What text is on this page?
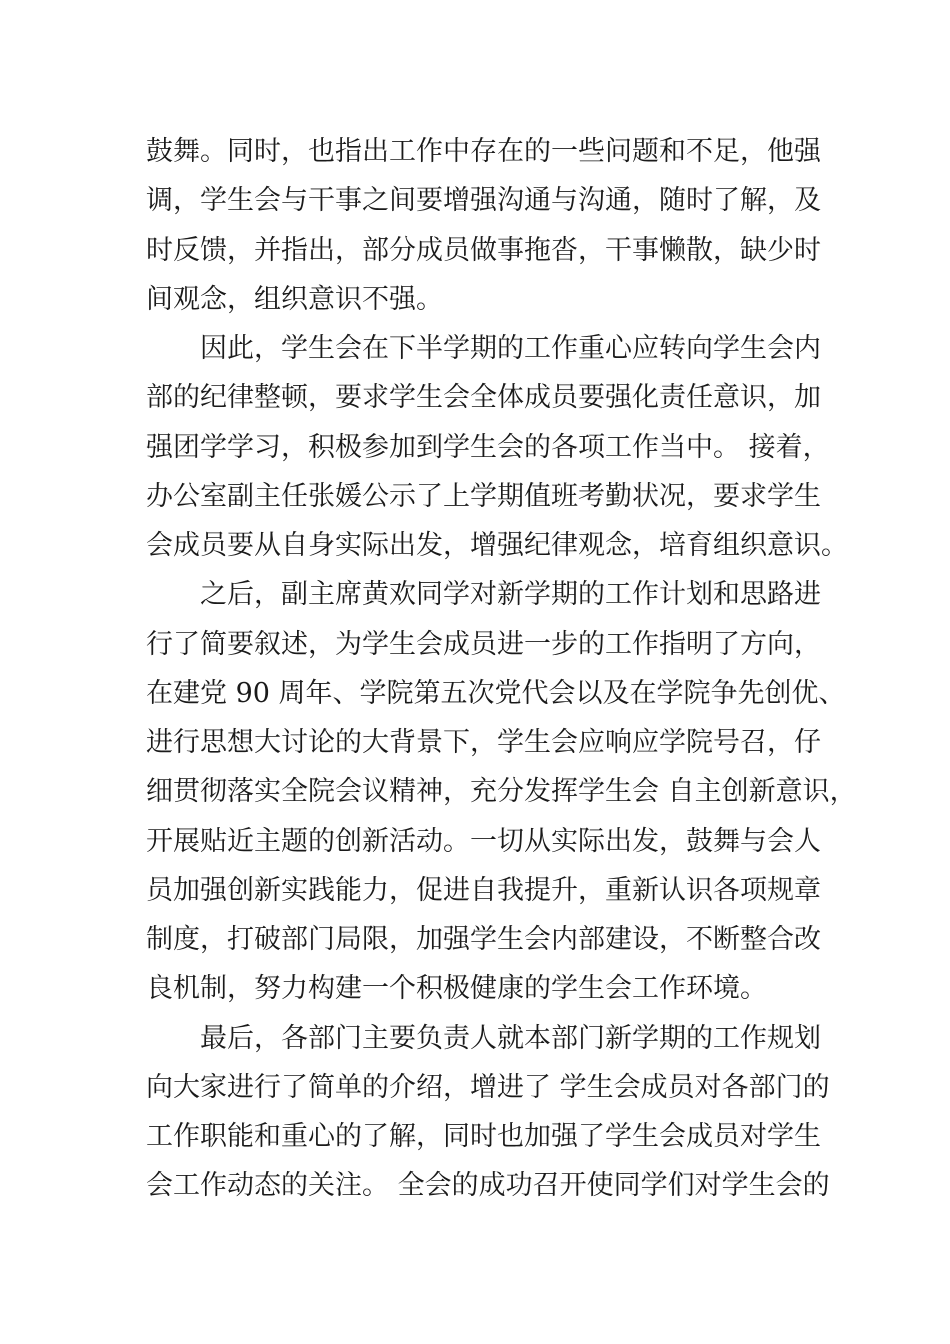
鼓舞。同时，也指出工作中存在的一些问题和不足，他强
调，学生会与干事之间要增强沟通与沟通，随时了解，及
时反馈，并指出，部分成员做事拖沓，干事懒散，缺少时
间观念，组织意识不强。
　　因此，学生会在下半学期的工作重心应转向学生会内
部的纪律整顿，要求学生会全体成员要强化责任意识，加
强团学学习，积极参加到学生会的各项工作当中。 接着，
办公室副主任张媛公示了上学期值班考勤状况，要求学生
会成员要从自身实际出发，增强纪律观念，培育组织意识。
　　之后，副主席黄欢同学对新学期的工作计划和思路进
行了简要叙述，为学生会成员进一步的工作指明了方向，
在建党 90 周年、学院第五次党代会以及在学院争先创优、
进行思想大讨论的大背景下，学生会应响应学院号召，仔
细贯彻落实全院会议精神，充分发挥学生会 自主创新意识，
开展贴近主题的创新活动。一切从实际出发，鼓舞与会人
员加强创新实践能力，促进自我提升，重新认识各项规章
制度，打破部门局限，加强学生会内部建设，不断整合改
良机制，努力构建一个积极健康的学生会工作环境。
　　最后，各部门主要负责人就本部门新学期的工作规划
向大家进行了简单的介绍，增进了 学生会成员对各部门的
工作职能和重心的了解，同时也加强了学生会成员对学生
会工作动态的关注。 全会的成功召开使同学们对学生会的
